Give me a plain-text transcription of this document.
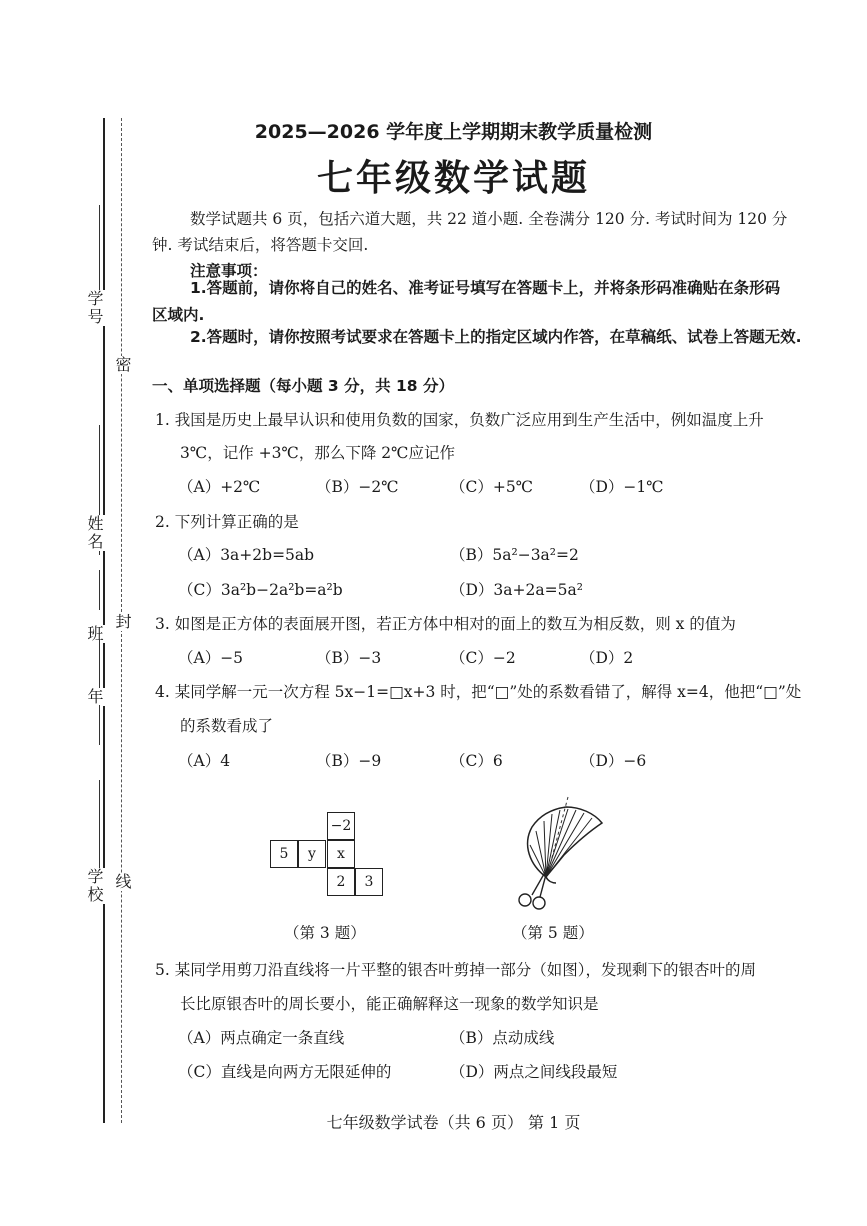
学号
姓名
班
年
学校
密
封
线
2025—2026 学年度上学期期末教学质量检测
七年级数学试题
数学试题共 6 页，包括六道大题，共 22 道小题. 全卷满分 120 分. 考试时间为 120 分
钟. 考试结束后，将答题卡交回.
注意事项：
1.答题前，请你将自己的姓名、准考证号填写在答题卡上，并将条形码准确贴在条形码
区域内.
2.答题时，请你按照考试要求在答题卡上的指定区域内作答，在草稿纸、试卷上答题无效.
一、单项选择题（每小题 3 分，共 18 分）
1. 我国是历史上最早认识和使用负数的国家，负数广泛应用到生产生活中，例如温度上升
3℃，记作 +3℃，那么下降 2℃应记作
（A）+2℃	（B）−2℃	（C）+5℃	（D）−1℃
2. 下列计算正确的是
（A）3a+2b=5ab	（B）5a²−3a²=2
（C）3a²b−2a²b=a²b	（D）3a+2a=5a²
3. 如图是正方体的表面展开图，若正方体中相对的面上的数互为相反数，则 x 的值为
（A）−5	（B）−3	（C）−2	（D）2
4. 某同学解一元一次方程 5x−1=□x+3 时，把“□”处的系数看错了，解得 x=4，他把“□”处
的系数看成了
（A）4	（B）−9	（C）6	（D）−6
−2
5	y	x
2	3
（第 3 题）	（第 5 题）
5. 某同学用剪刀沿直线将一片平整的银杏叶剪掉一部分（如图），发现剩下的银杏叶的周
长比原银杏叶的周长要小，能正确解释这一现象的数学知识是
（A）两点确定一条直线	（B）点动成线
（C）直线是向两方无限延伸的	（D）两点之间线段最短
七年级数学试卷（共 6 页） 第 1 页
